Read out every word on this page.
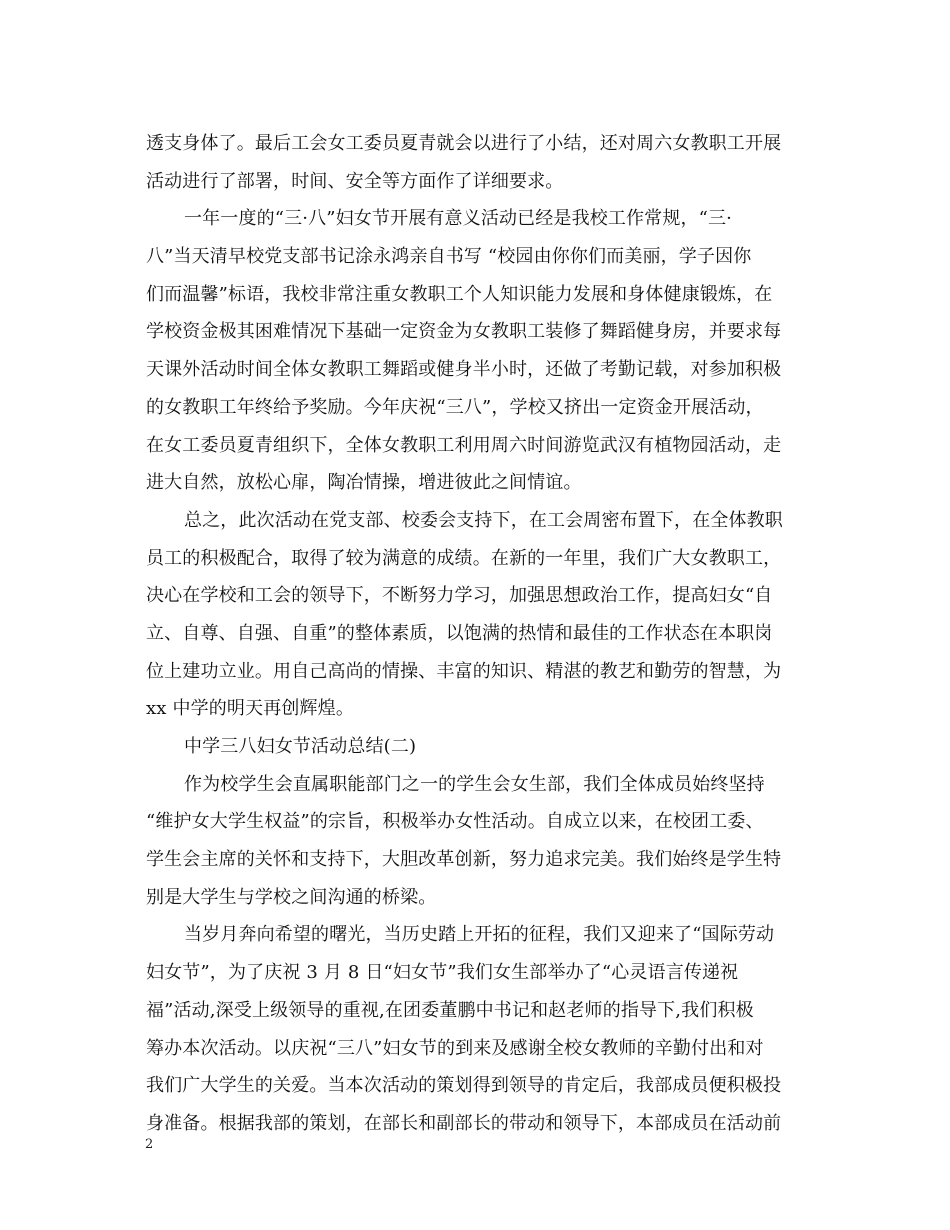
透支身体了。最后工会女工委员夏青就会以进行了小结，还对周六女教职工开展
活动进行了部署，时间、安全等方面作了详细要求。
一年一度的“三·八”妇女节开展有意义活动已经是我校工作常规，“三·
八”当天清早校党支部书记涂永鸿亲自书写 “校园由你你们而美丽，学子因你
们而温馨”标语，我校非常注重女教职工个人知识能力发展和身体健康锻炼，在
学校资金极其困难情况下基础一定资金为女教职工装修了舞蹈健身房，并要求每
天课外活动时间全体女教职工舞蹈或健身半小时，还做了考勤记载，对参加积极
的女教职工年终给予奖励。今年庆祝“三八”，学校又挤出一定资金开展活动，
在女工委员夏青组织下，全体女教职工利用周六时间游览武汉有植物园活动，走
进大自然，放松心扉，陶冶情操，增进彼此之间情谊。
总之，此次活动在党支部、校委会支持下，在工会周密布置下，在全体教职
员工的积极配合，取得了较为满意的成绩。在新的一年里，我们广大女教职工，
决心在学校和工会的领导下，不断努力学习，加强思想政治工作，提高妇女“自
立、自尊、自强、自重”的整体素质，以饱满的热情和最佳的工作状态在本职岗
位上建功立业。用自己高尚的情操、丰富的知识、精湛的教艺和勤劳的智慧，为
xx 中学的明天再创辉煌。
中学三八妇女节活动总结(二)
作为校学生会直属职能部门之一的学生会女生部，我们全体成员始终坚持
“维护女大学生权益”的宗旨，积极举办女性活动。自成立以来，在校团工委、
学生会主席的关怀和支持下，大胆改革创新，努力追求完美。我们始终是学生特
别是大学生与学校之间沟通的桥梁。
当岁月奔向希望的曙光，当历史踏上开拓的征程，我们又迎来了“国际劳动
妇女节”，为了庆祝 3 月 8 日“妇女节”我们女生部举办了“心灵语言传递祝
福”活动,深受上级领导的重视,在团委董鹏中书记和赵老师的指导下,我们积极
筹办本次活动。以庆祝“三八”妇女节的到来及感谢全校女教师的辛勤付出和对
我们广大学生的关爱。当本次活动的策划得到领导的肯定后，我部成员便积极投
身准备。根据我部的策划，在部长和副部长的带动和领导下，本部成员在活动前
2
